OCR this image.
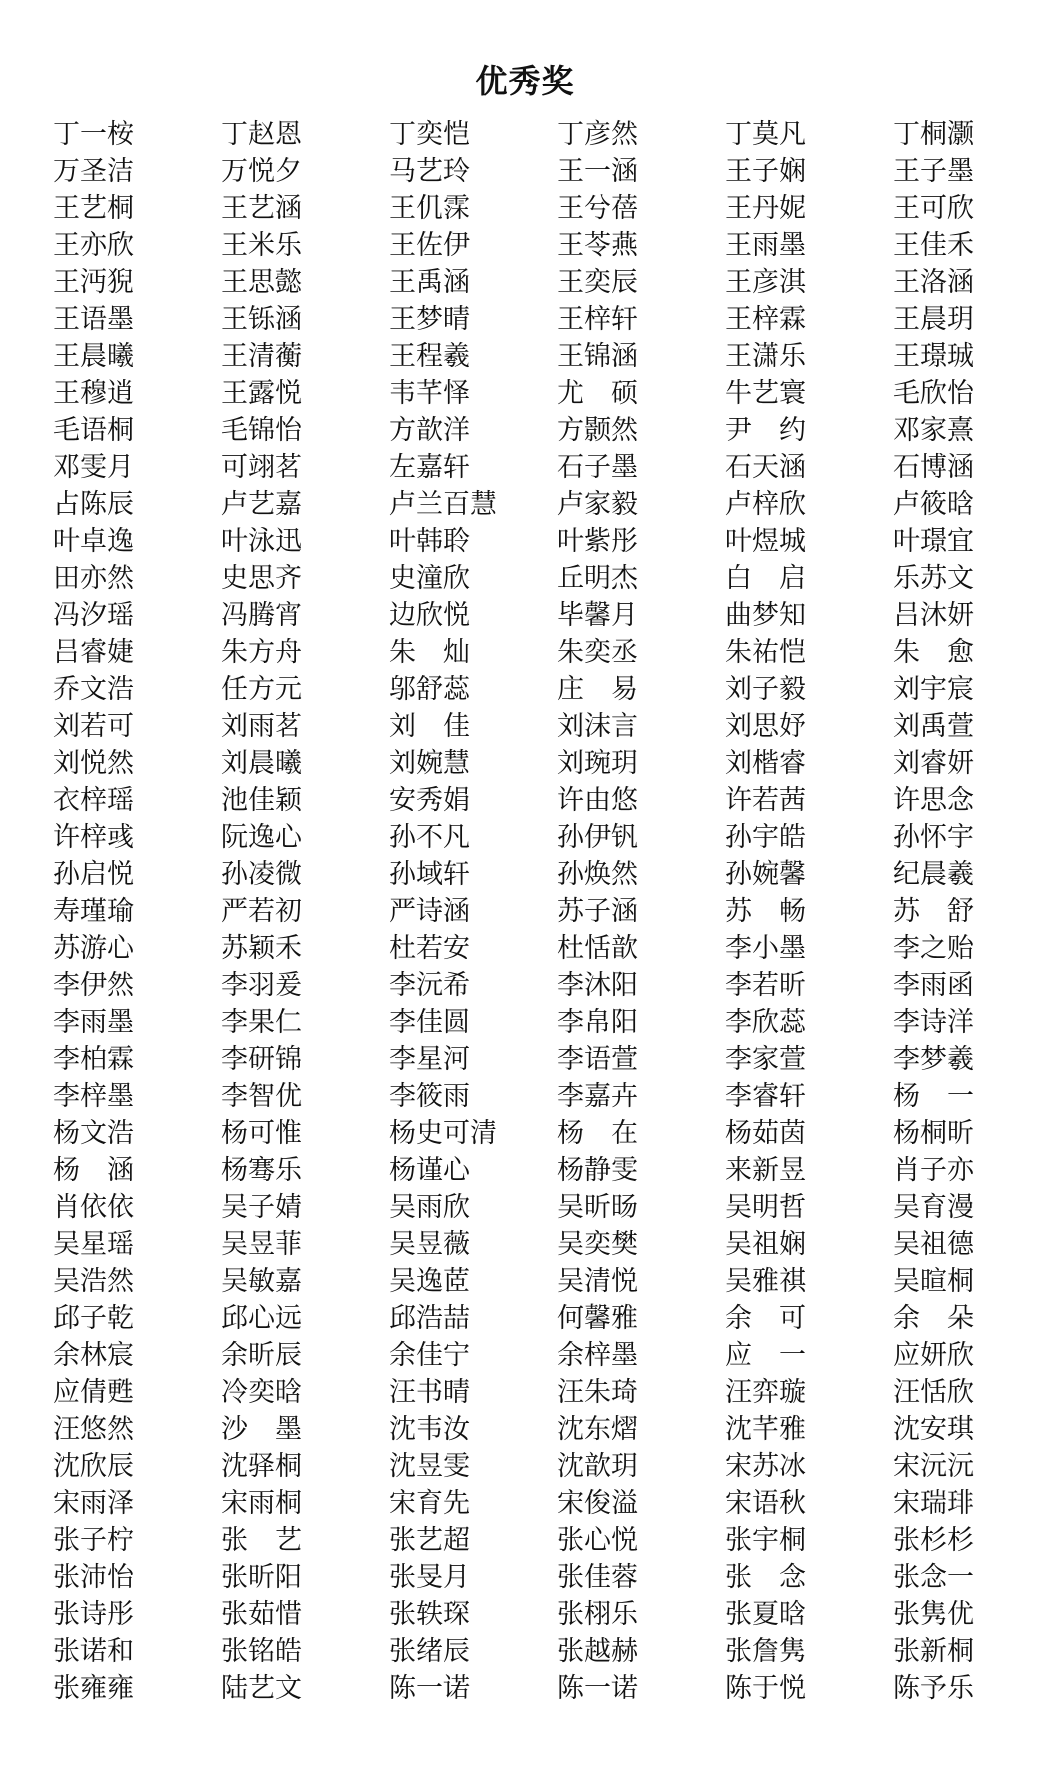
优秀奖
丁一桉	丁赵恩	丁奕恺	丁彦然	丁莫凡	丁桐灏
万圣洁	万悦夕	马艺玲	王一涵	王子娴	王子墨
王艺桐	王艺涵	王仉霂	王兮蓓	王丹妮	王可欣
王亦欣	王米乐	王佐伊	王苓燕	王雨墨	王佳禾
王沔猊	王思懿	王禹涵	王奕辰	王彦淇	王洛涵
王语墨	王铄涵	王梦晴	王梓轩	王梓霖	王晨玥
王晨曦	王清蘅	王程羲	王锦涵	王潇乐	王璟珹
王穆逍	王露悦	韦芊怿	尤　硕	牛艺寰	毛欣怡
毛语桐	毛锦怡	方歆洋	方颢然	尹　约	邓家熹
邓雯月	可翊茗	左嘉轩	石子墨	石天涵	石博涵
占陈辰	卢艺嘉	卢兰百慧	卢家毅	卢梓欣	卢筱晗
叶卓逸	叶泳迅	叶韩聆	叶紫彤	叶煜城	叶璟宜
田亦然	史思齐	史潼欣	丘明杰	白　启	乐苏文
冯汐瑶	冯腾宵	边欣悦	毕馨月	曲梦知	吕沐妍
吕睿婕	朱方舟	朱　灿	朱奕丞	朱祐恺	朱　愈
乔文浩	任方元	邬舒蕊	庄　易	刘子毅	刘宇宸
刘若可	刘雨茗	刘　佳	刘沫言	刘思妤	刘禹萱
刘悦然	刘晨曦	刘婉慧	刘琬玥	刘楷睿	刘睿妍
衣梓瑶	池佳颖	安秀娟	许由悠	许若茜	许思念
许梓彧	阮逸心	孙不凡	孙伊钒	孙宇皓	孙怀宇
孙启悦	孙凌微	孙域轩	孙焕然	孙婉馨	纪晨羲
寿瑾瑜	严若初	严诗涵	苏子涵	苏　畅	苏　舒
苏游心	苏颖禾	杜若安	杜恬歆	李小墨	李之贻
李伊然	李羽爰	李沅希	李沐阳	李若昕	李雨函
李雨墨	李果仁	李佳圆	李帛阳	李欣蕊	李诗洋
李柏霖	李研锦	李星河	李语萱	李家萱	李梦羲
李梓墨	李智优	李筱雨	李嘉卉	李睿轩	杨　一
杨文浩	杨可惟	杨史可清	杨　在	杨茹茵	杨桐昕
杨　涵	杨骞乐	杨谨心	杨静雯	来新昱	肖子亦
肖依依	吴子婧	吴雨欣	吴昕旸	吴明哲	吴育漫
吴星瑶	吴昱菲	吴昱薇	吴奕樊	吴祖娴	吴祖德
吴浩然	吴敏嘉	吴逸茝	吴清悦	吴雅祺	吴暄桐
邱子乾	邱心远	邱浩喆	何馨雅	余　可	余　朵
余林宸	余昕辰	余佳宁	余梓墨	应　一	应妍欣
应倩甦	冷奕晗	汪书晴	汪朱琦	汪弈璇	汪恬欣
汪悠然	沙　墨	沈韦汝	沈东熠	沈芊雅	沈安琪
沈欣辰	沈驿桐	沈昱雯	沈歆玥	宋苏冰	宋沅沅
宋雨泽	宋雨桐	宋育先	宋俊溢	宋语秋	宋瑞琲
张子柠	张　艺	张艺超	张心悦	张宇桐	张杉杉
张沛怡	张昕阳	张旻月	张佳蓉	张　念	张念一
张诗彤	张茹惜	张轶琛	张栩乐	张夏晗	张隽优
张诺和	张铭皓	张绪辰	张越赫	张詹隽	张新桐
张雍雍	陆艺文	陈一诺	陈一诺	陈于悦	陈予乐
